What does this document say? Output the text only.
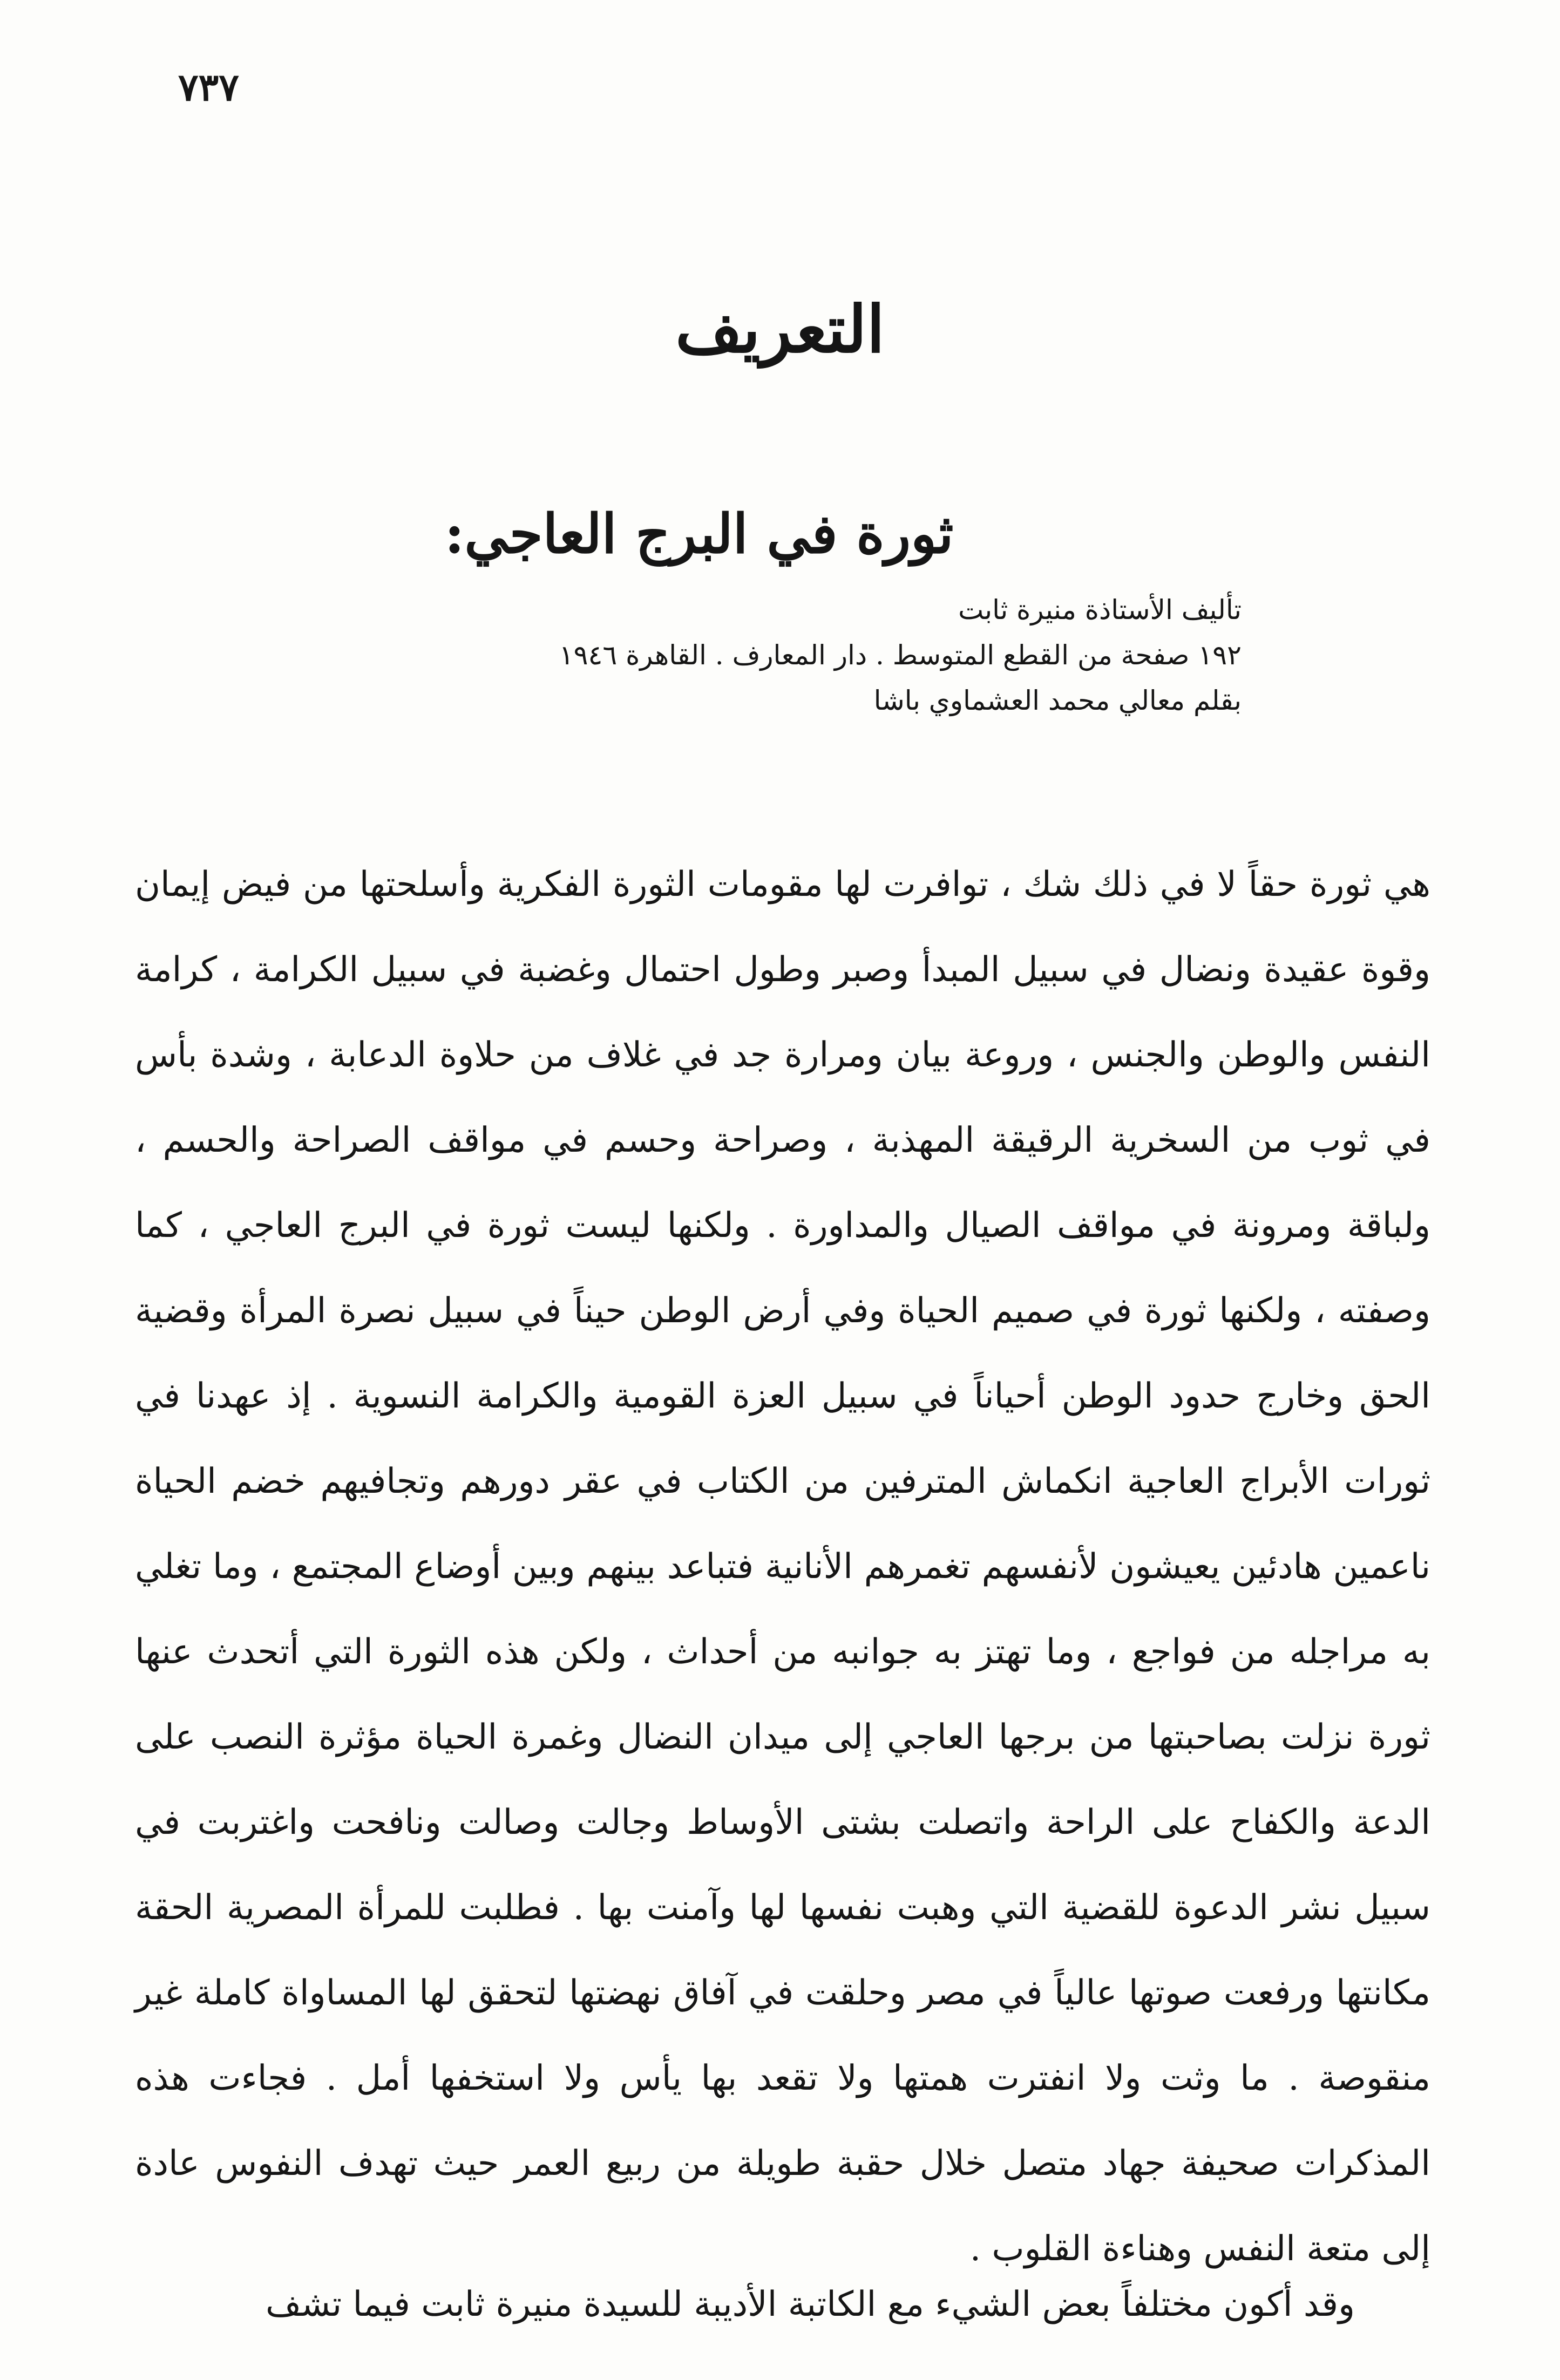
٧٣٧
التعريف
ثورة في البرج العاجي:

تأليف الأستاذة منيرة ثابت

١٩٢ صفحة من القطع المتوسط . دار المعارف . القاهرة ١٩٤٦

بقلم معالي محمد العشماوي باشا

هي ثورة حقاً لا في ذلك شك ، توافرت لها مقومات الثورة الفكرية وأسلحتها من فيض إيمان وقوة عقيدة ونضال في سبيل المبدأ وصبر وطول احتمال وغضبة في سبيل الكرامة ، كرامة النفس والوطن والجنس ، وروعة بيان ومرارة جد في غلاف من حلاوة الدعابة ، وشدة بأس في ثوب من السخرية الرقيقة المهذبة ، وصراحة وحسم في مواقف الصراحة والحسم ، ولباقة ومرونة في مواقف الصيال والمداورة . ولكنها ليست ثورة في البرج العاجي ، كما وصفته ، ولكنها ثورة في صميم الحياة وفي أرض الوطن حيناً في سبيل نصرة المرأة وقضية الحق وخارج حدود الوطن أحياناً في سبيل العزة القومية والكرامة النسوية . إذ عهدنا في ثورات الأبراج العاجية انكماش المترفين من الكتاب في عقر دورهم وتجافيهم خضم الحياة ناعمين هادئين يعيشون لأنفسهم تغمرهم الأنانية فتباعد بينهم وبين أوضاع المجتمع ، وما تغلي به مراجله من فواجع ، وما تهتز به جوانبه من أحداث ، ولكن هذه الثورة التي أتحدث عنها ثورة نزلت بصاحبتها من برجها العاجي إلى ميدان النضال وغمرة الحياة مؤثرة النصب على الدعة والكفاح على الراحة واتصلت بشتى الأوساط وجالت وصالت ونافحت واغتربت في سبيل نشر الدعوة للقضية التي وهبت نفسها لها وآمنت بها . فطلبت للمرأة المصرية الحقة مكانتها ورفعت صوتها عالياً في مصر وحلقت في آفاق نهضتها لتحقق لها المساواة كاملة غير منقوصة . ما وثت ولا انفترت همتها ولا تقعد بها يأس ولا استخفها أمل . فجاءت هذه المذكرات صحيفة جهاد متصل خلال حقبة طويلة من ربيع العمر حيث تهدف النفوس عادة إلى متعة النفس وهناءة القلوب .

وقد أكون مختلفاً بعض الشيء مع الكاتبة الأديبة للسيدة منيرة ثابت فيما تشف
